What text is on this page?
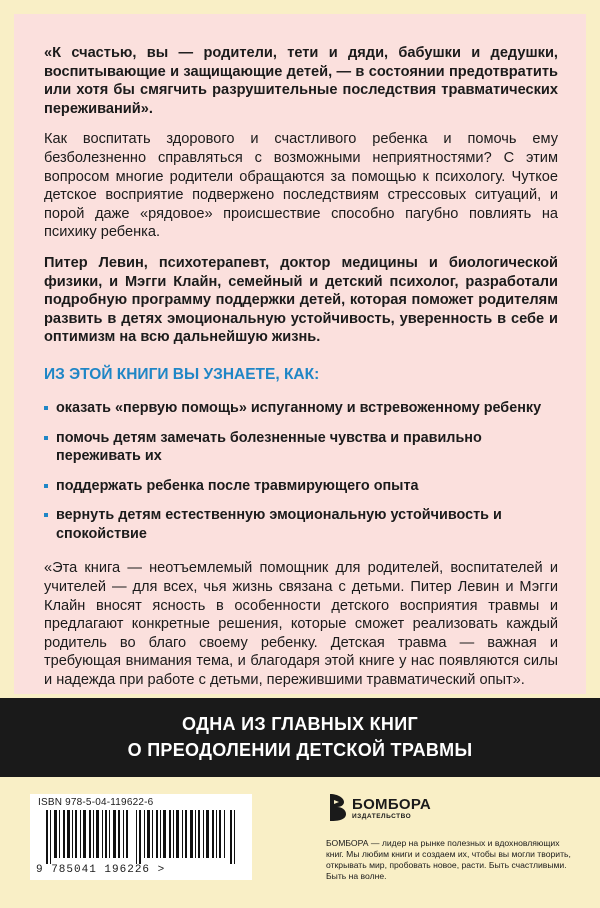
«К счастью, вы — родители, тети и дяди, бабушки и дедушки, воспитывающие и защищающие детей, — в состоянии предотвратить или хотя бы смягчить разрушительные последствия травматических переживаний».

Как воспитать здорового и счастливого ребенка и помочь ему безболезненно справляться с возможными неприятностями? С этим вопросом многие родители обращаются за помощью к психологу. Чуткое детское восприятие подвержено последствиям стрессовых ситуаций, и порой даже «рядовое» происшествие способно пагубно повлиять на психику ребенка.

Питер Левин, психотерапевт, доктор медицины и биологической физики, и Мэгги Клайн, семейный и детский психолог, разработали подробную программу поддержки детей, которая поможет родителям развить в детях эмоциональную устойчивость, уверенность в себе и оптимизм на всю дальнейшую жизнь.

ИЗ ЭТОЙ КНИГИ ВЫ УЗНАЕТЕ, КАК:
оказать «первую помощь» испуганному и встревоженному ребенку
помочь детям замечать болезненные чувства и правильно переживать их
поддержать ребенка после травмирующего опыта
вернуть детям естественную эмоциональную устойчивость и спокойствие
«Эта книга — неотъемлемый помощник для родителей, воспитателей и учителей — для всех, чья жизнь связана с детьми. Питер Левин и Мэгги Клайн вносят ясность в особенности детского восприятия травмы и предлагают конкретные решения, которые сможет реализовать каждый родитель во благо своему ребенку. Детская травма — важная и требующая внимания тема, и благодаря этой книге у нас появляются силы и надежда при работе с детьми, пережившими травматический опыт».
ОДНА ИЗ ГЛАВНЫХ КНИГ
О ПРЕОДОЛЕНИИ ДЕТСКОЙ ТРАВМЫ
ISBN 978-5-04-119622-6
9 785041 196226 >
БОМБОРА
ИЗДАТЕЛЬСТВО
БОМБОРА — лидер на рынке полезных и вдохновляющих книг. Мы любим книги и создаем их, чтобы вы могли творить, открывать мир, пробовать новое, расти. Быть счастливыми. Быть на волне.
